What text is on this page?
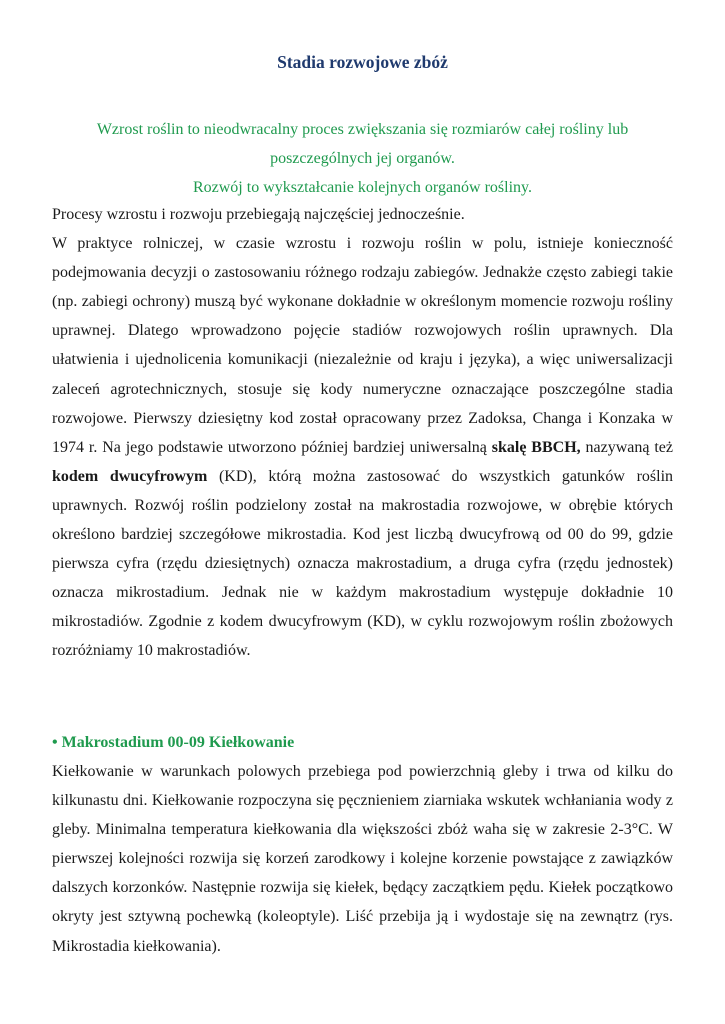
Stadia rozwojowe zbóż

Wzrost roślin to nieodwracalny proces zwiększania się rozmiarów całej rośliny lub poszczególnych jej organów.

Rozwój to wykształcanie kolejnych organów rośliny.

Procesy wzrostu i rozwoju przebiegają najczęściej jednocześnie.

W praktyce rolniczej, w czasie wzrostu i rozwoju roślin w polu, istnieje konieczność podejmowania decyzji o zastosowaniu różnego rodzaju zabiegów. Jednakże często zabiegi takie (np. zabiegi ochrony) muszą być wykonane dokładnie w określonym momencie rozwoju rośliny uprawnej. Dlatego wprowadzono pojęcie stadiów rozwojowych roślin uprawnych. Dla ułatwienia i ujednolicenia komunikacji (niezależnie od kraju i języka), a więc uniwersalizacji zaleceń agrotechnicznych, stosuje się kody numeryczne oznaczające poszczególne stadia rozwojowe. Pierwszy dziesiętny kod został opracowany przez Zadoksa, Changa i Konzaka w 1974 r. Na jego podstawie utworzono później bardziej uniwersalną skalę BBCH, nazywaną też kodem dwucyfrowym (KD), którą można zastosować do wszystkich gatunków roślin uprawnych. Rozwój roślin podzielony został na makrostadia rozwojowe, w obrębie których określono bardziej szczegółowe mikrostadia. Kod jest liczbą dwucyfrową od 00 do 99, gdzie pierwsza cyfra (rzędu dziesiętnych) oznacza makrostadium, a druga cyfra (rzędu jednostek) oznacza mikrostadium. Jednak nie w każdym makrostadium występuje dokładnie 10 mikrostadiów. Zgodnie z kodem dwucyfrowym (KD), w cyklu rozwojowym roślin zbożowych rozróżniamy 10 makrostadiów.

• Makrostadium 00-09 Kiełkowanie

Kiełkowanie w warunkach polowych przebiega pod powierzchnią gleby i trwa od kilku do kilkunastu dni. Kiełkowanie rozpoczyna się pęcznieniem ziarniaka wskutek wchłaniania wody z gleby. Minimalna temperatura kiełkowania dla większości zbóż waha się w zakresie 2-3°C. W pierwszej kolejności rozwija się korzeń zarodkowy i kolejne korzenie powstające z zawiązków dalszych korzonków. Następnie rozwija się kiełek, będący zaczątkiem pędu. Kiełek początkowo okryty jest sztywną pochewką (koleoptyle). Liść przebija ją i wydostaje się na zewnątrz (rys. Mikrostadia kiełkowania).
